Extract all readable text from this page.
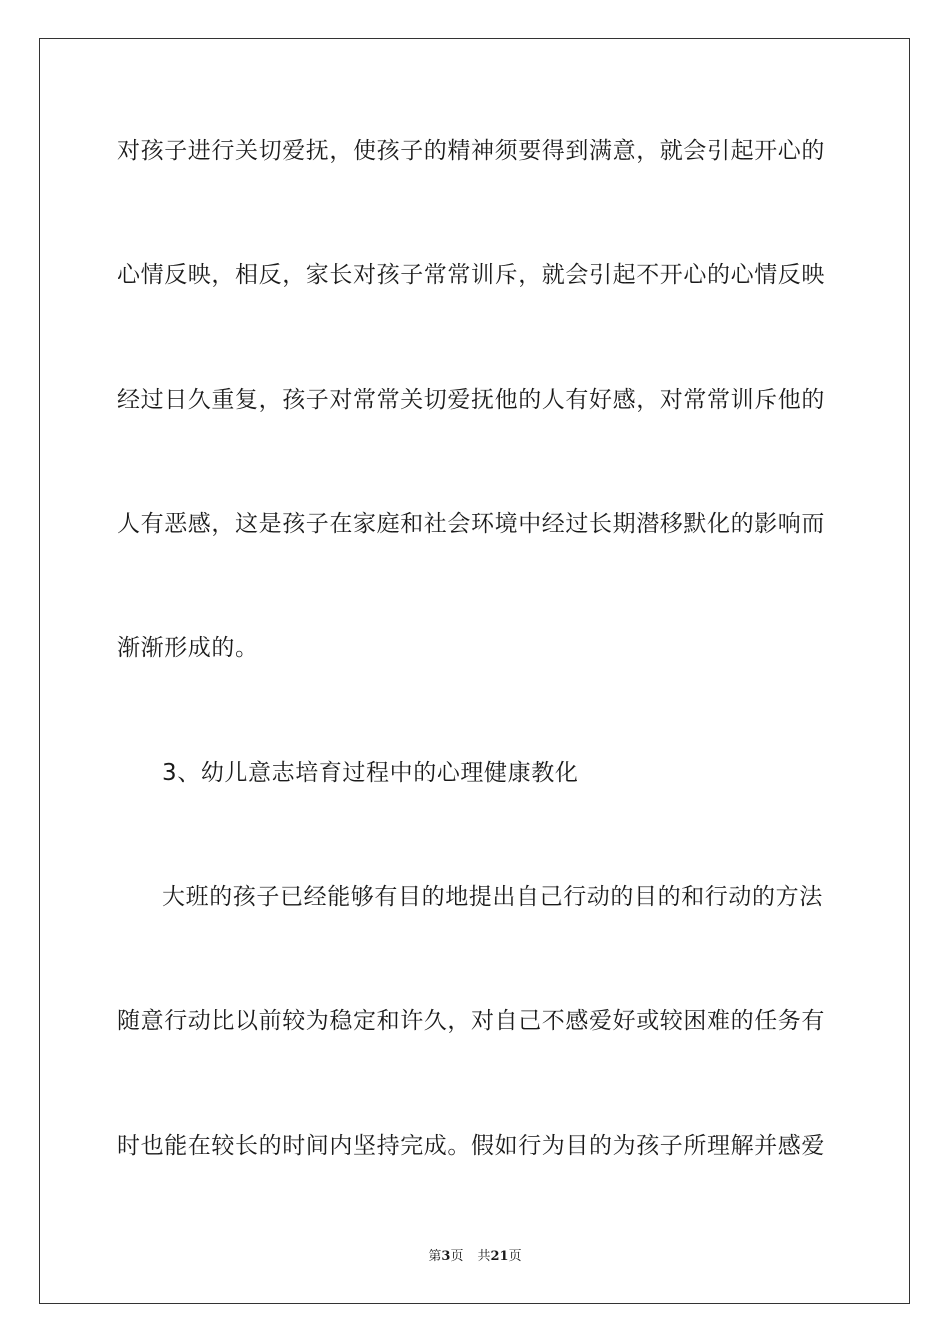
对孩子进行关切爱抚，使孩子的精神须要得到满意，就会引起开心的
心情反映，相反，家长对孩子常常训斥，就会引起不开心的心情反映
经过日久重复，孩子对常常关切爱抚他的人有好感，对常常训斥他的
人有恶感，这是孩子在家庭和社会环境中经过长期潜移默化的影响而
渐渐形成的。
3、幼儿意志培育过程中的心理健康教化
大班的孩子已经能够有目的地提出自己行动的目的和行动的方法
随意行动比以前较为稳定和许久，对自己不感爱好或较困难的任务有
时也能在较长的时间内坚持完成。假如行为目的为孩子所理解并感爱
第3页 共21页
